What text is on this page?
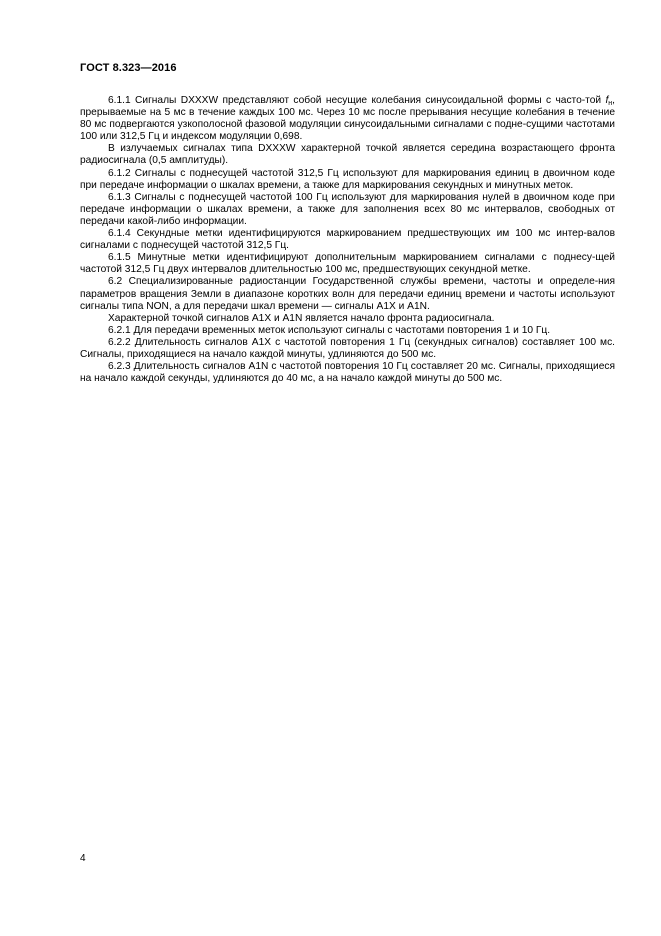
ГОСТ 8.323—2016

6.1.1 Сигналы DXXXW представляют собой несущие колебания синусоидальной формы с часто-той $f_н$, прерываемые на 5 мс в течение каждых 100 мс. Через 10 мс после прерывания несущие колебания в течение 80 мс подвергаются узкополосной фазовой модуляции синусоидальными сигналами с подне-сущими частотами 100 или 312,5 Гц и индексом модуляции 0,698.

В излучаемых сигналах типа DXXXW характерной точкой является середина возрастающего фронта радиосигнала (0,5 амплитуды).

6.1.2 Сигналы с поднесущей частотой 312,5 Гц используют для маркирования единиц в двоичном коде при передаче информации о шкалах времени, а также для маркирования секундных и минутных меток.

6.1.3 Сигналы с поднесущей частотой 100 Гц используют для маркирования нулей в двоичном коде при передаче информации о шкалах времени, а также для заполнения всех 80 мс интервалов, свободных от передачи какой-либо информации.

6.1.4 Секундные метки идентифицируются маркированием предшествующих им 100 мс интер-валов сигналами с поднесущей частотой 312,5 Гц.

6.1.5 Минутные метки идентифицируют дополнительным маркированием сигналами с поднесу-щей частотой 312,5 Гц двух интервалов длительностью 100 мс, предшествующих секундной метке.

6.2 Специализированные радиостанции Государственной службы времени, частоты и определе-ния параметров вращения Земли в диапазоне коротких волн для передачи единиц времени и частоты используют сигналы типа NON, а для передачи шкал времени — сигналы A1X и A1N.

Характерной точкой сигналов A1X и A1N является начало фронта радиосигнала.

6.2.1 Для передачи временных меток используют сигналы с частотами повторения 1 и 10 Гц.

6.2.2 Длительность сигналов A1X с частотой повторения 1 Гц (секундных сигналов) составляет 100 мс. Сигналы, приходящиеся на начало каждой минуты, удлиняются до 500 мс.

6.2.3 Длительность сигналов A1N с частотой повторения 10 Гц составляет 20 мс. Сигналы, приходящиеся на начало каждой секунды, удлиняются до 40 мс, а на начало каждой минуты до 500 мс.

4
